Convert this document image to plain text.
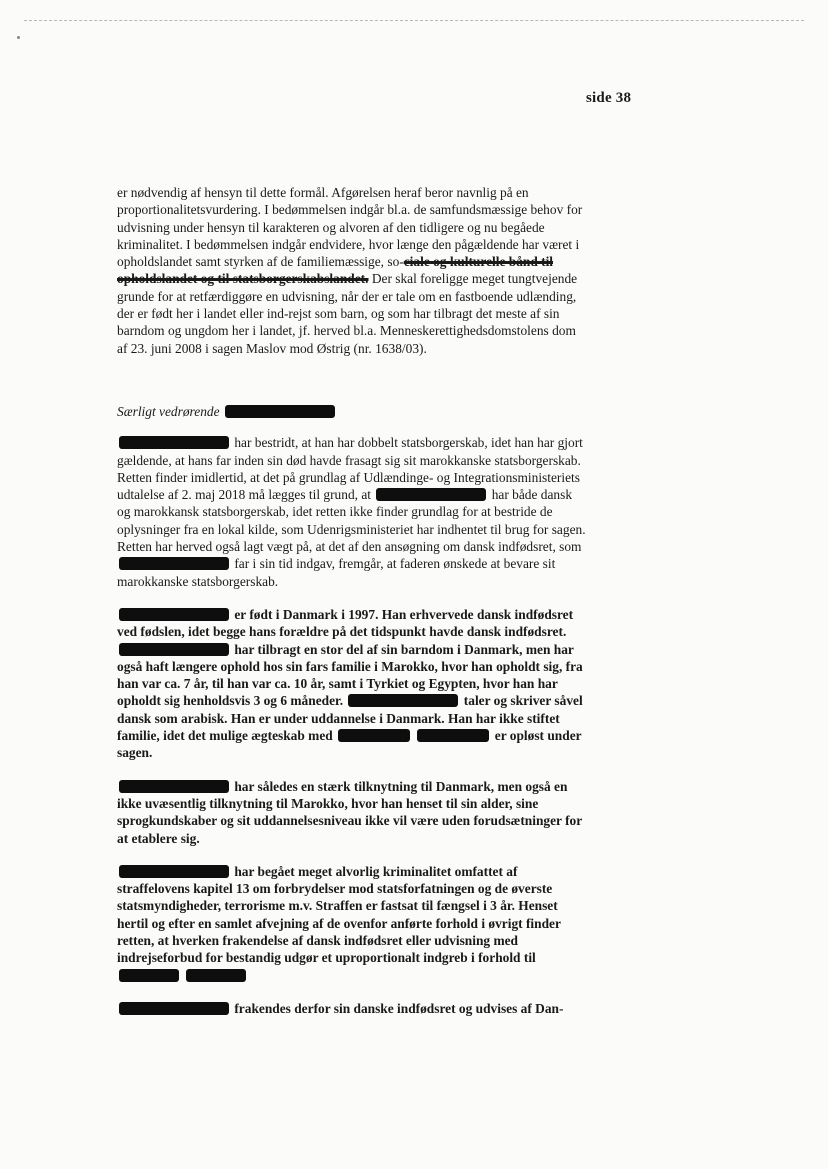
side 38

er nødvendig af hensyn til dette formål. Afgørelsen heraf beror navnlig på en proportionalitetsvurdering. I bedømmelsen indgår bl.a. de samfundsmæssige behov for udvisning under hensyn til karakteren og alvoren af den tidligere og nu begåede kriminalitet. I bedømmelsen indgår endvidere, hvor længe den pågældende har været i opholdslandet samt styrken af de familiemæssige, so-ciale og kulturelle bånd til opholdslandet og til statsborgerskabslandet. Der skal foreligge meget tungtvejende grunde for at retfærdiggøre en udvisning, når der er tale om en fastboende udlænding, der er født her i landet eller ind-rejst som barn, og som har tilbragt det meste af sin barndom og ungdom her i landet, jf. herved bl.a. Menneskerettighedsdomstolens dom af 23. juni 2008 i sagen Maslov mod Østrig (nr. 1638/03).

Særligt vedrørende

har bestridt, at han har dobbelt statsborgerskab, idet han har gjort gældende, at hans far inden sin død havde frasagt sig sit marokkanske statsborgerskab. Retten finder imidlertid, at det på grundlag af Udlændinge- og Integrationsministeriets udtalelse af 2. maj 2018 må lægges til grund, at	har både dansk og marokkansk statsborgerskab, idet retten ikke finder grundlag for at bestride de oplysninger fra en lokal kilde, som Udenrigsministeriet har indhentet til brug for sagen. Retten har herved også lagt vægt på, at det af den ansøgning om dansk indfødsret, som  far i sin tid indgav, fremgår, at faderen ønskede at bevare sit marokkanske statsborgerskab.

er født i Danmark i 1997. Han erhvervede dansk indfødsret ved fødslen, idet begge hans forældre på det tidspunkt havde dansk indfødsret.  har tilbragt en stor del af sin barndom i Danmark, men har også haft længere ophold hos sin fars familie i Marokko, hvor han opholdt sig, fra han var ca. 7 år, til han var ca. 10 år, samt i Tyrkiet og Egypten, hvor han har opholdt sig henholdsvis 3 og 6 måneder.	taler og skriver såvel dansk som arabisk. Han er under uddannelse i Danmark. Han har ikke stiftet familie, idet det mulige ægteskab med	er opløst under sagen.

har således en stærk tilknytning til Danmark, men også en ikke uvæsentlig tilknytning til Marokko, hvor han henset til sin alder, sine sprogkundskaber og sit uddannelsesniveau ikke vil være uden forudsætninger for at etablere sig.

har begået meget alvorlig kriminalitet omfattet af straffelovens kapitel 13 om forbrydelser mod statsforfatningen og de øverste statsmyndigheder, terrorisme m.v. Straffen er fastsat til fængsel i 3 år. Henset hertil og efter en samlet afvejning af de ovenfor anførte forhold i øvrigt finder retten, at hverken frakendelse af dansk indfødsret eller udvisning med indrejseforbud for bestandig udgør et uproportionalt indgreb i forhold til

frakendes derfor sin danske indfødsret og udvises af Dan-
